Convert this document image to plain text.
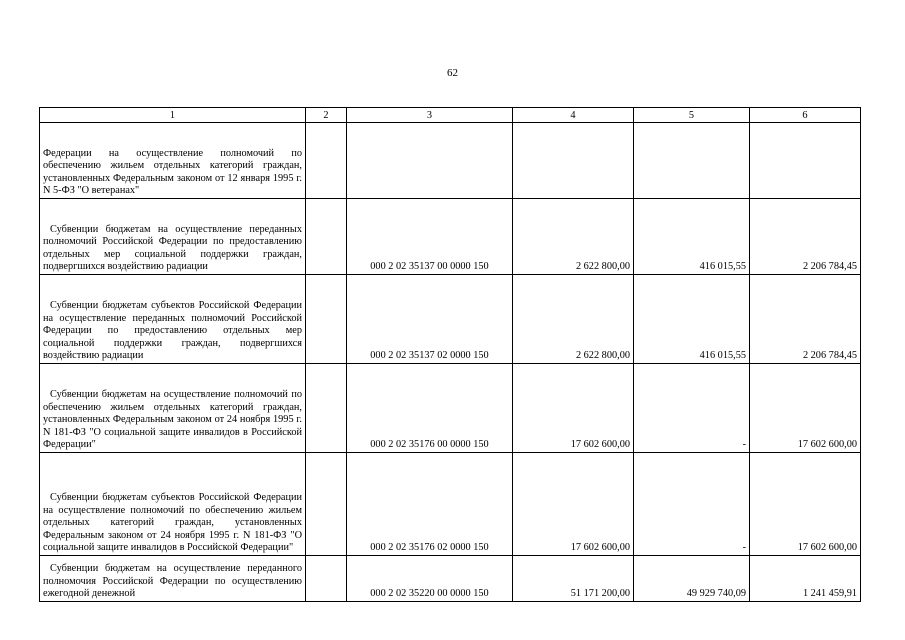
62
1	2	3	4	5	6
Федерации на осуществление полномочий по обеспечению жильем отдельных категорий граждан, установленных Федеральным законом от 12 января 1995 г. N 5-ФЗ "О ветеранах"					
Субвенции бюджетам на осуществление переданных полномочий Российской Федерации по предоставлению отдельных мер социальной поддержки граждан, подвергшихся воздействию радиации		000 2 02 35137 00 0000 150	2 622 800,00	416 015,55	2 206 784,45
Субвенции бюджетам субъектов Российской Федерации на осуществление переданных полномочий Российской Федерации по предоставлению отдельных мер социальной поддержки граждан, подвергшихся воздействию радиации		000 2 02 35137 02 0000 150	2 622 800,00	416 015,55	2 206 784,45
Субвенции бюджетам на осуществление полномочий по обеспечению жильем отдельных категорий граждан, установленных Федеральным законом от 24 ноября 1995 г. N 181-ФЗ "О социальной защите инвалидов в Российской Федерации"		000 2 02 35176 00 0000 150	17 602 600,00	-	17 602 600,00
Субвенции бюджетам субъектов Российской Федерации на осуществление полномочий по обеспечению жильем отдельных категорий граждан, установленных Федеральным законом от 24 ноября 1995 г. N 181-ФЗ "О социальной защите инвалидов в Российской Федерации"		000 2 02 35176 02 0000 150	17 602 600,00	-	17 602 600,00
Субвенции бюджетам на осуществление переданного полномочия Российской Федерации по осуществлению ежегодной денежной		000 2 02 35220 00 0000 150	51 171 200,00	49 929 740,09	1 241 459,91
